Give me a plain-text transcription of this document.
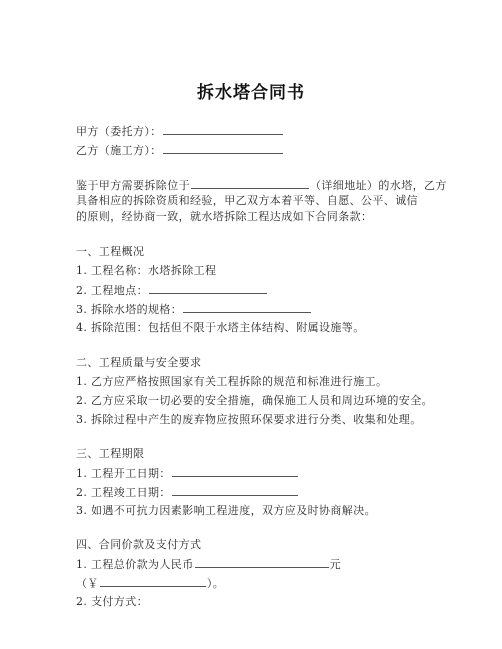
拆水塔合同书
甲方（委托方）：
乙方（施工方）：
鉴于甲方需要拆除位于	（详细地址）的水塔，乙方
具备相应的拆除资质和经验，甲乙双方本着平等、自愿、公平、诚信
的原则，经协商一致，就水塔拆除工程达成如下合同条款：
一、工程概况
1. 工程名称：水塔拆除工程
2. 工程地点：
3. 拆除水塔的规格：
4. 拆除范围：包括但不限于水塔主体结构、附属设施等。
二、工程质量与安全要求
1. 乙方应严格按照国家有关工程拆除的规范和标准进行施工。
2. 乙方应采取一切必要的安全措施，确保施工人员和周边环境的安全。
3. 拆除过程中产生的废弃物应按照环保要求进行分类、收集和处理。
三、工程期限
1. 工程开工日期：
2. 工程竣工日期：
3. 如遇不可抗力因素影响工程进度，双方应及时协商解决。
四、合同价款及支付方式
1. 工程总价款为人民币	元
（￥	）。
2. 支付方式：
